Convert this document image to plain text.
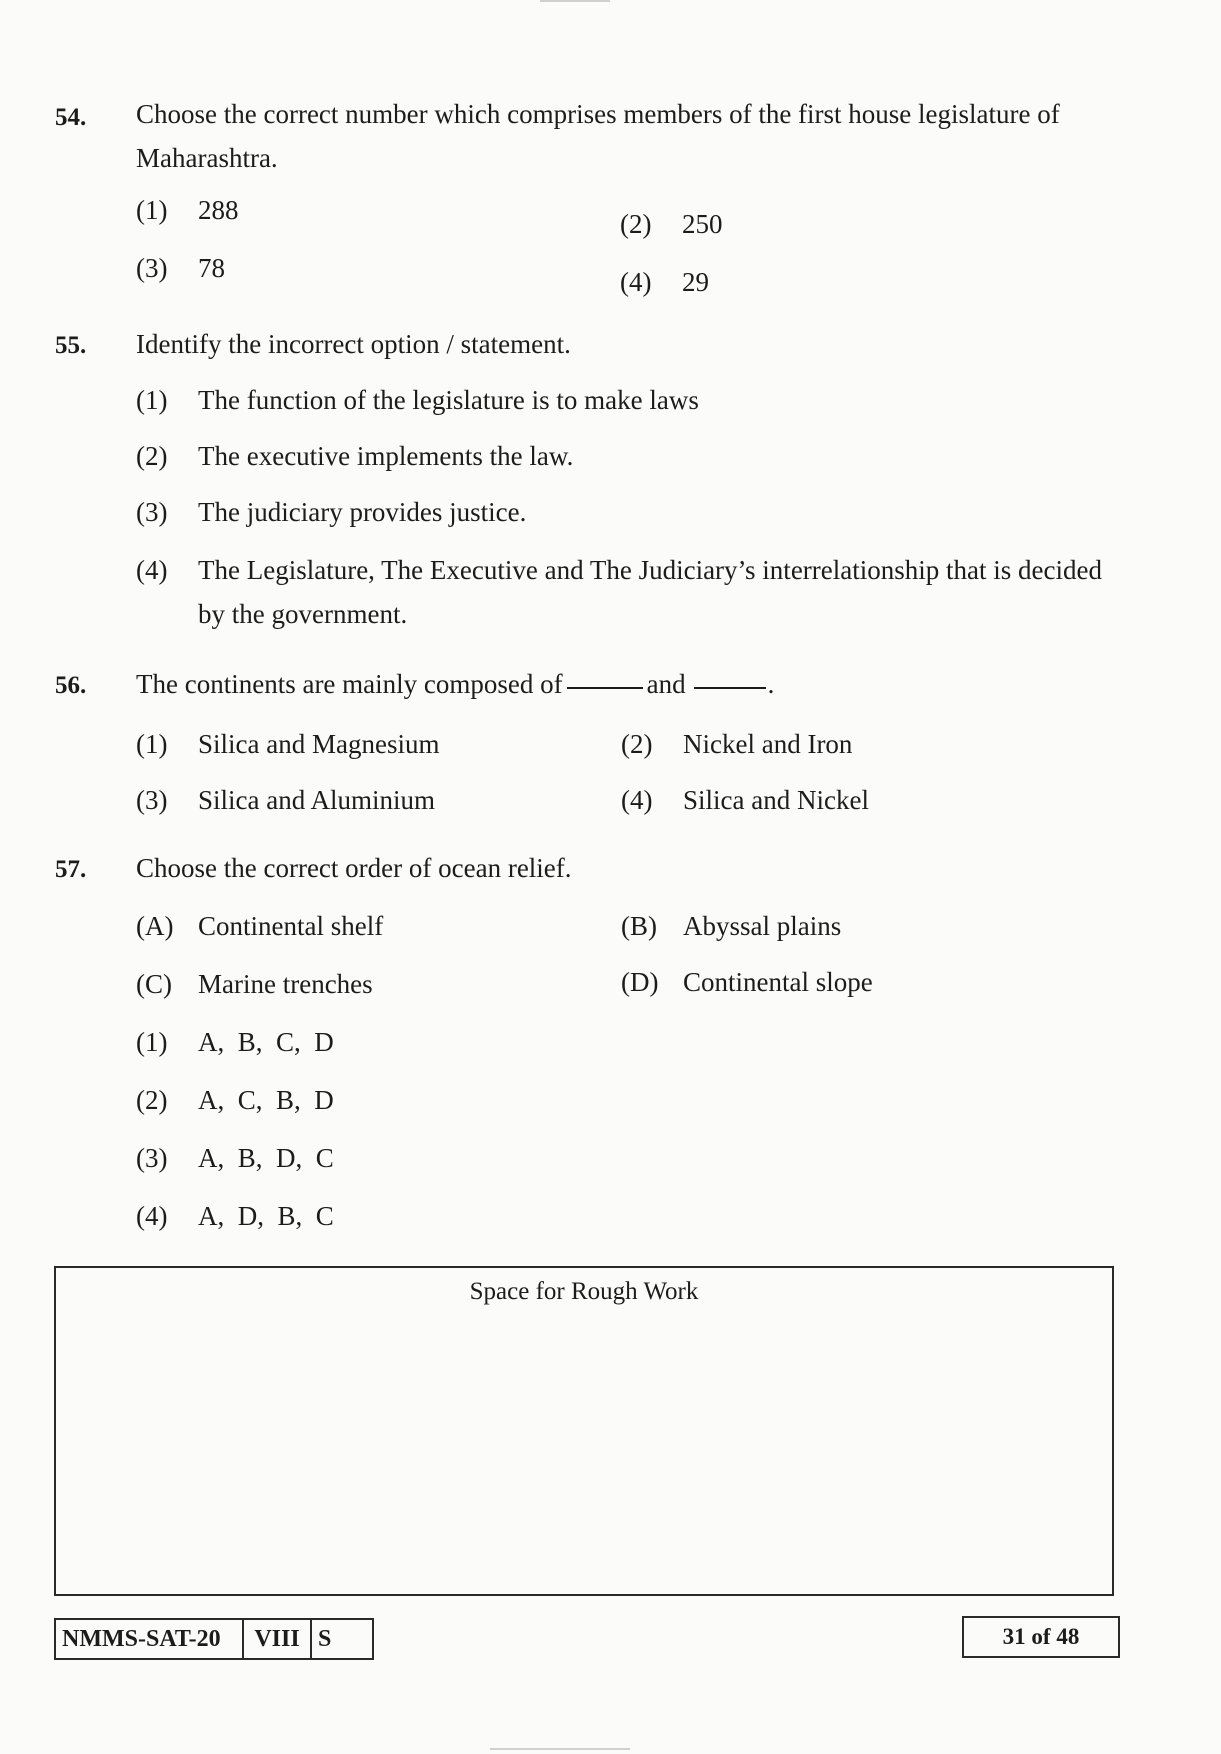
54. Choose the correct number which comprises members of the first house legislature of Maharashtra.
(1) 288	(2) 250
(3) 78	(4) 29
55. Identify the incorrect option / statement.
(1) The function of the legislature is to make laws
(2) The executive implements the law.
(3) The judiciary provides justice.
(4) The Legislature, The Executive and The Judiciary’s interrelationship that is decided by the government.
56. The continents are mainly composed of	and	.
(1) Silica and Magnesium	(2) Nickel and Iron
(3) Silica and Aluminium	(4) Silica and Nickel
57. Choose the correct order of ocean relief.
(A) Continental shelf	(B) Abyssal plains
(C) Marine trenches	(D) Continental slope
(1) A,  B,  C,  D
(2) A,  C,  B,  D
(3) A,  B,  D,  C
(4) A,  D,  B,  C
Space for Rough Work
NMMS-SAT-20	VIII S	31 of 48
